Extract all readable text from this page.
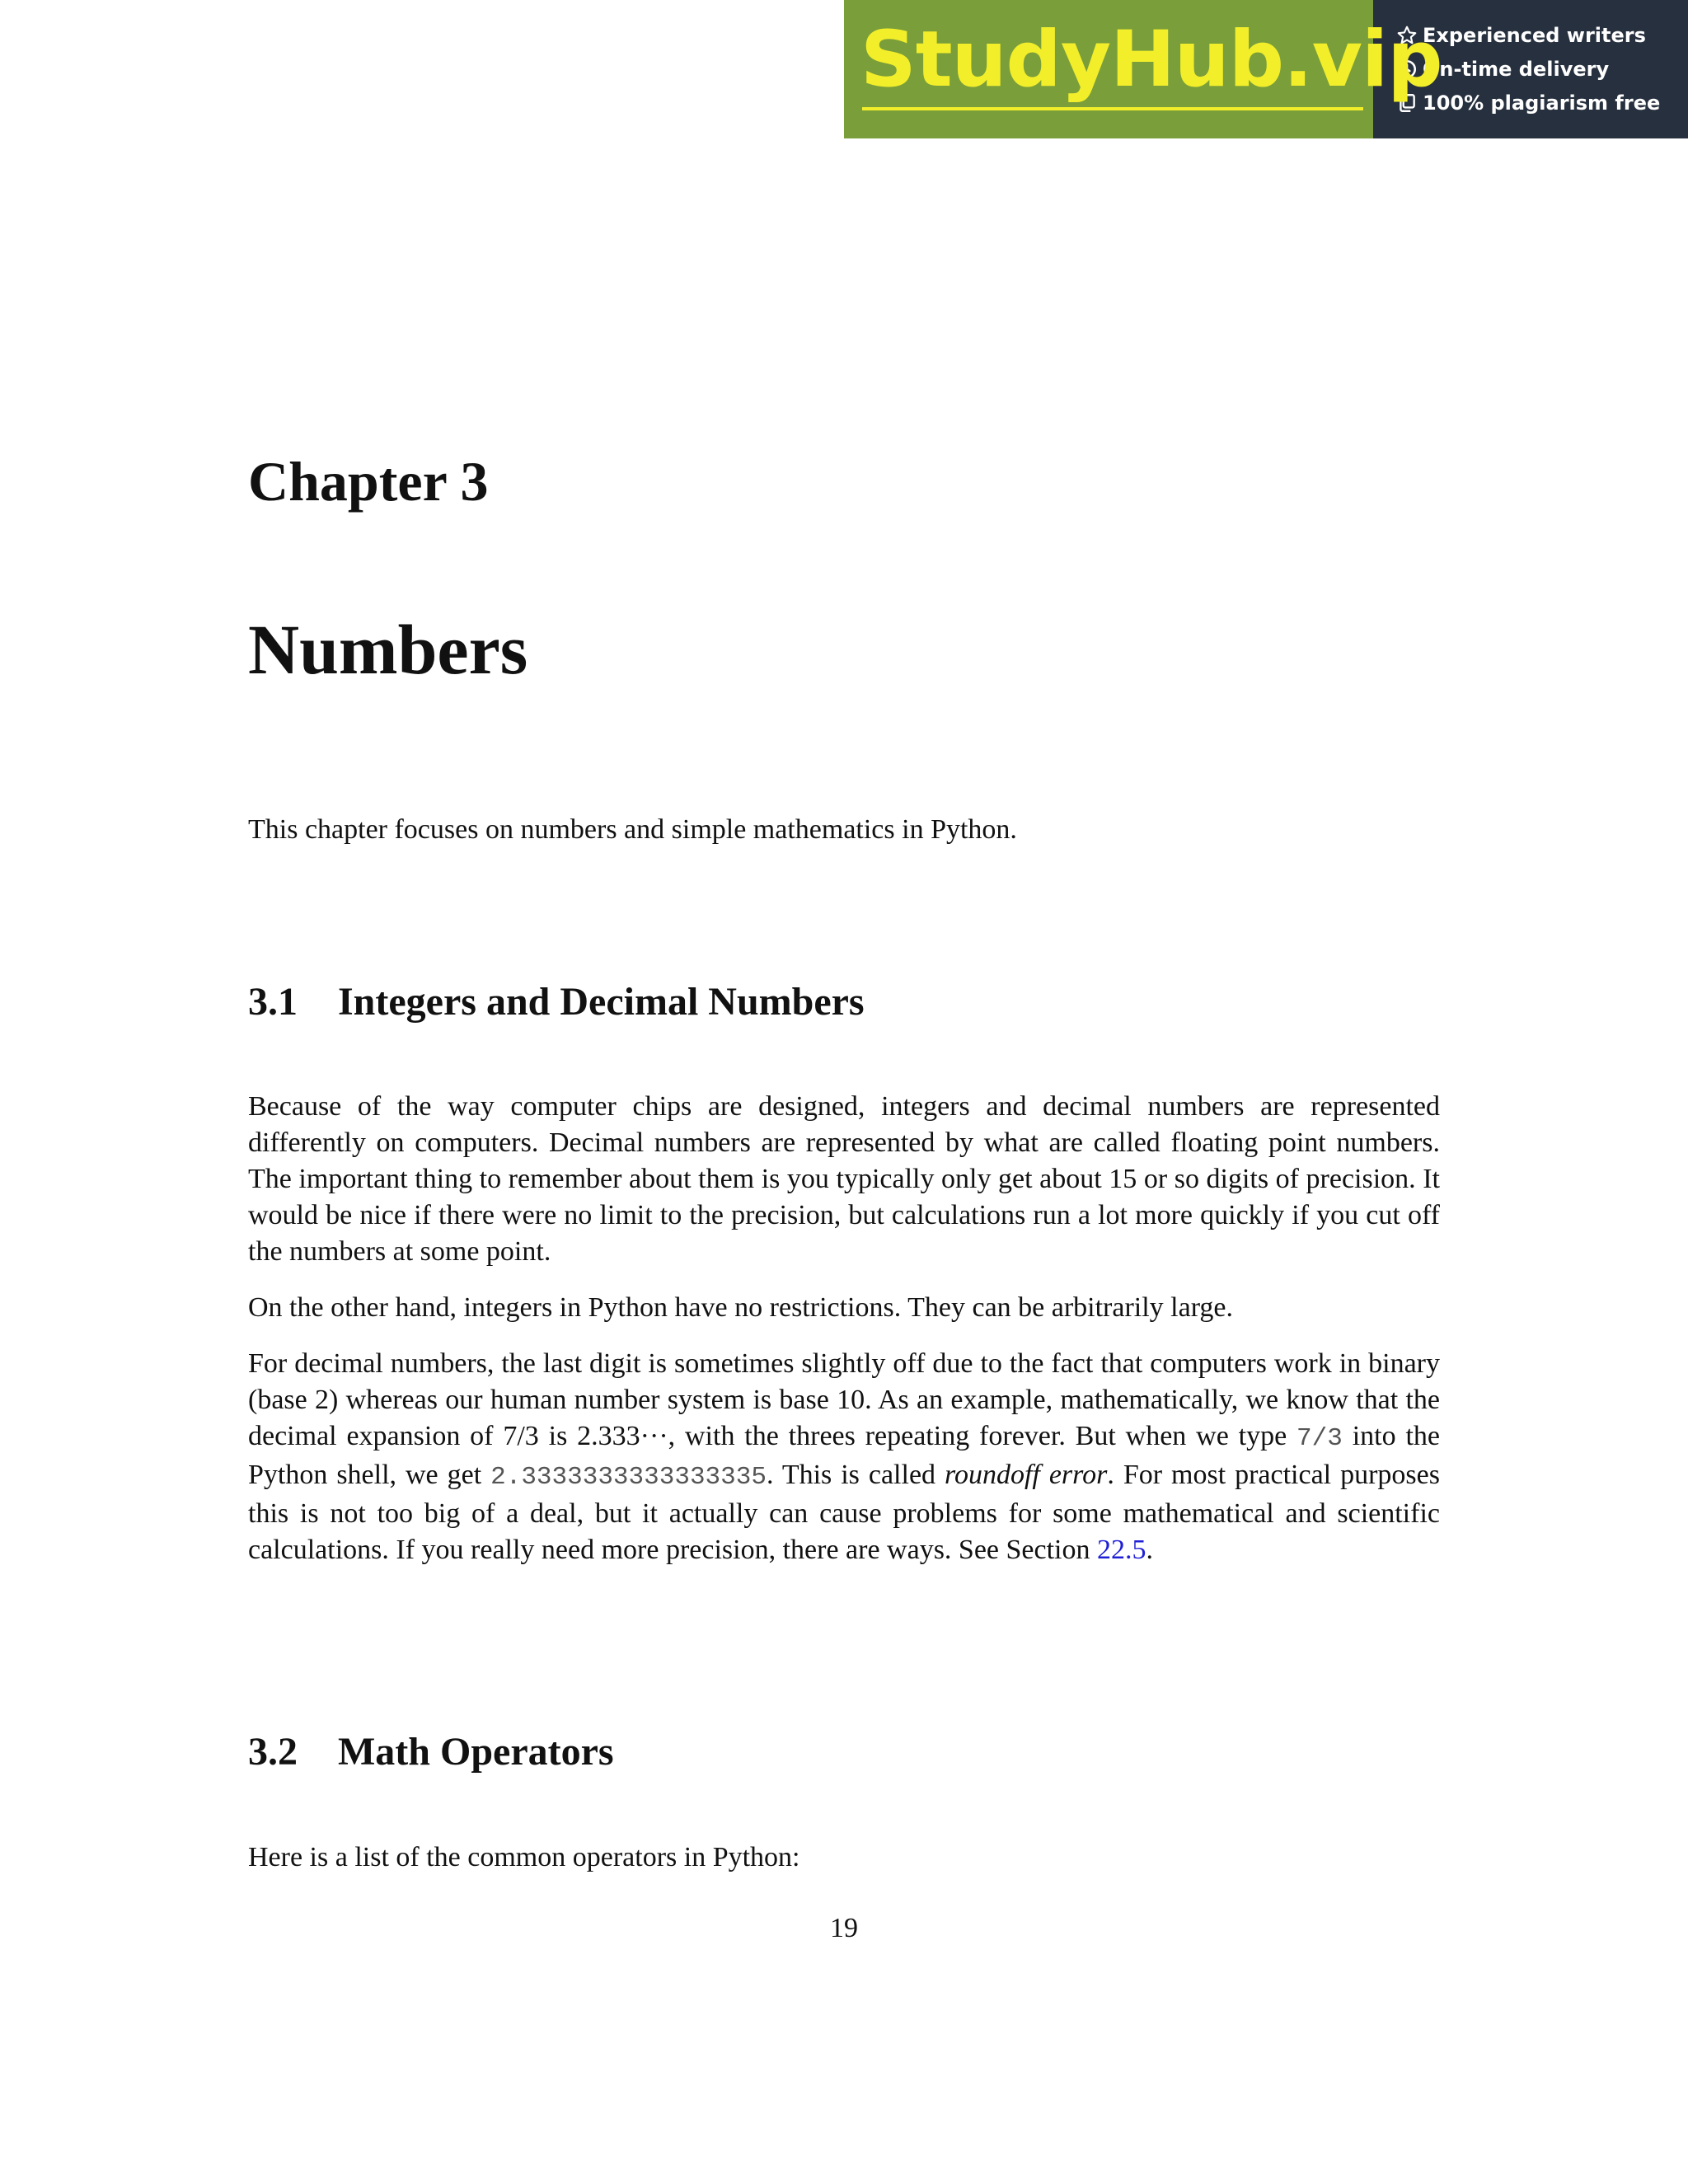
StudyHub.vip
Experienced writers
On-time delivery
100% plagiarism free
Chapter 3
Numbers

This chapter focuses on numbers and simple mathematics in Python.

3.1 Integers and Decimal Numbers

Because of the way computer chips are designed, integers and decimal numbers are represented differently on computers. Decimal numbers are represented by what are called floating point numbers. The important thing to remember about them is you typically only get about 15 or so digits of precision. It would be nice if there were no limit to the precision, but calculations run a lot more quickly if you cut off the numbers at some point.

On the other hand, integers in Python have no restrictions. They can be arbitrarily large.

For decimal numbers, the last digit is sometimes slightly off due to the fact that computers work in binary (base 2) whereas our human number system is base 10. As an example, mathematically, we know that the decimal expansion of 7/3 is 2.333···, with the threes repeating forever. But when we type 7/3 into the Python shell, we get 2.3333333333333335. This is called roundoff error. For most practical purposes this is not too big of a deal, but it actually can cause problems for some mathematical and scientific calculations. If you really need more precision, there are ways. See Section 22.5.

3.2 Math Operators

Here is a list of the common operators in Python:

19
